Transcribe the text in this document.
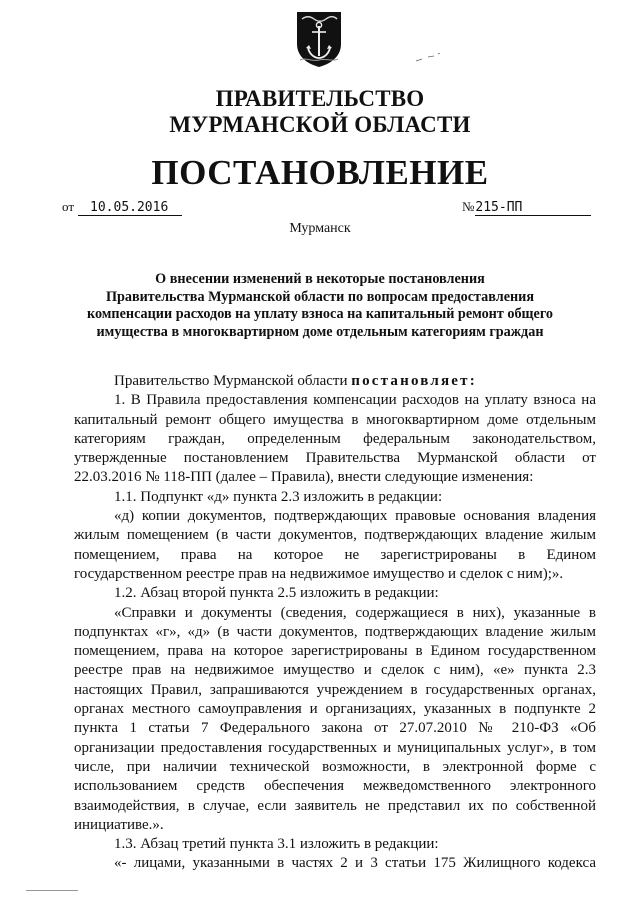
ПРАВИТЕЛЬСТВО
МУРМАНСКОЙ ОБЛАСТИ
ПОСТАНОВЛЕНИЕ
от 10.05.2016	№215-ПП
Мурманск
О внесении изменений в некоторые постановления
Правительства Мурманской области по вопросам предоставления
компенсации расходов на уплату взноса на капитальный ремонт общего
имущества в многоквартирном доме отдельным категориям граждан

Правительство Мурманской области постановляет:

1. В Правила предоставления компенсации расходов на уплату взноса на
капитальный ремонт общего имущества в многоквартирном доме отдельным
категориям граждан, определенным федеральным законодательством,
утвержденные постановлением Правительства Мурманской области от
22.03.2016 № 118-ПП (далее – Правила), внести следующие изменения:

1.1. Подпункт «д» пункта 2.3 изложить в редакции:

«д) копии документов, подтверждающих правовые основания владения
жилым помещением (в части документов, подтверждающих владение жилым
помещением, права на которое не зарегистрированы в Едином
государственном реестре прав на недвижимое имущество и сделок с ним);».

1.2. Абзац второй пункта 2.5 изложить в редакции:

«Справки и документы (сведения, содержащиеся в них), указанные в
подпунктах «г», «д» (в части документов, подтверждающих владение жилым
помещением, права на которое зарегистрированы в Едином государственном
реестре прав на недвижимое имущество и сделок с ним), «е» пункта 2.3
настоящих Правил, запрашиваются учреждением в государственных органах,
органах местного самоуправления и организациях, указанных в подпункте 2
пункта 1 статьи 7 Федерального закона от 27.07.2010 № 210-ФЗ «Об
организации предоставления государственных и муниципальных услуг», в том
числе, при наличии технической возможности, в электронной форме с
использованием средств обеспечения межведомственного электронного
взаимодействия, в случае, если заявитель не представил их по собственной
инициативе.».

1.3. Абзац третий пункта 3.1 изложить в редакции:

«- лицами, указанными в частях 2 и 3 статьи 175 Жилищного кодекса
